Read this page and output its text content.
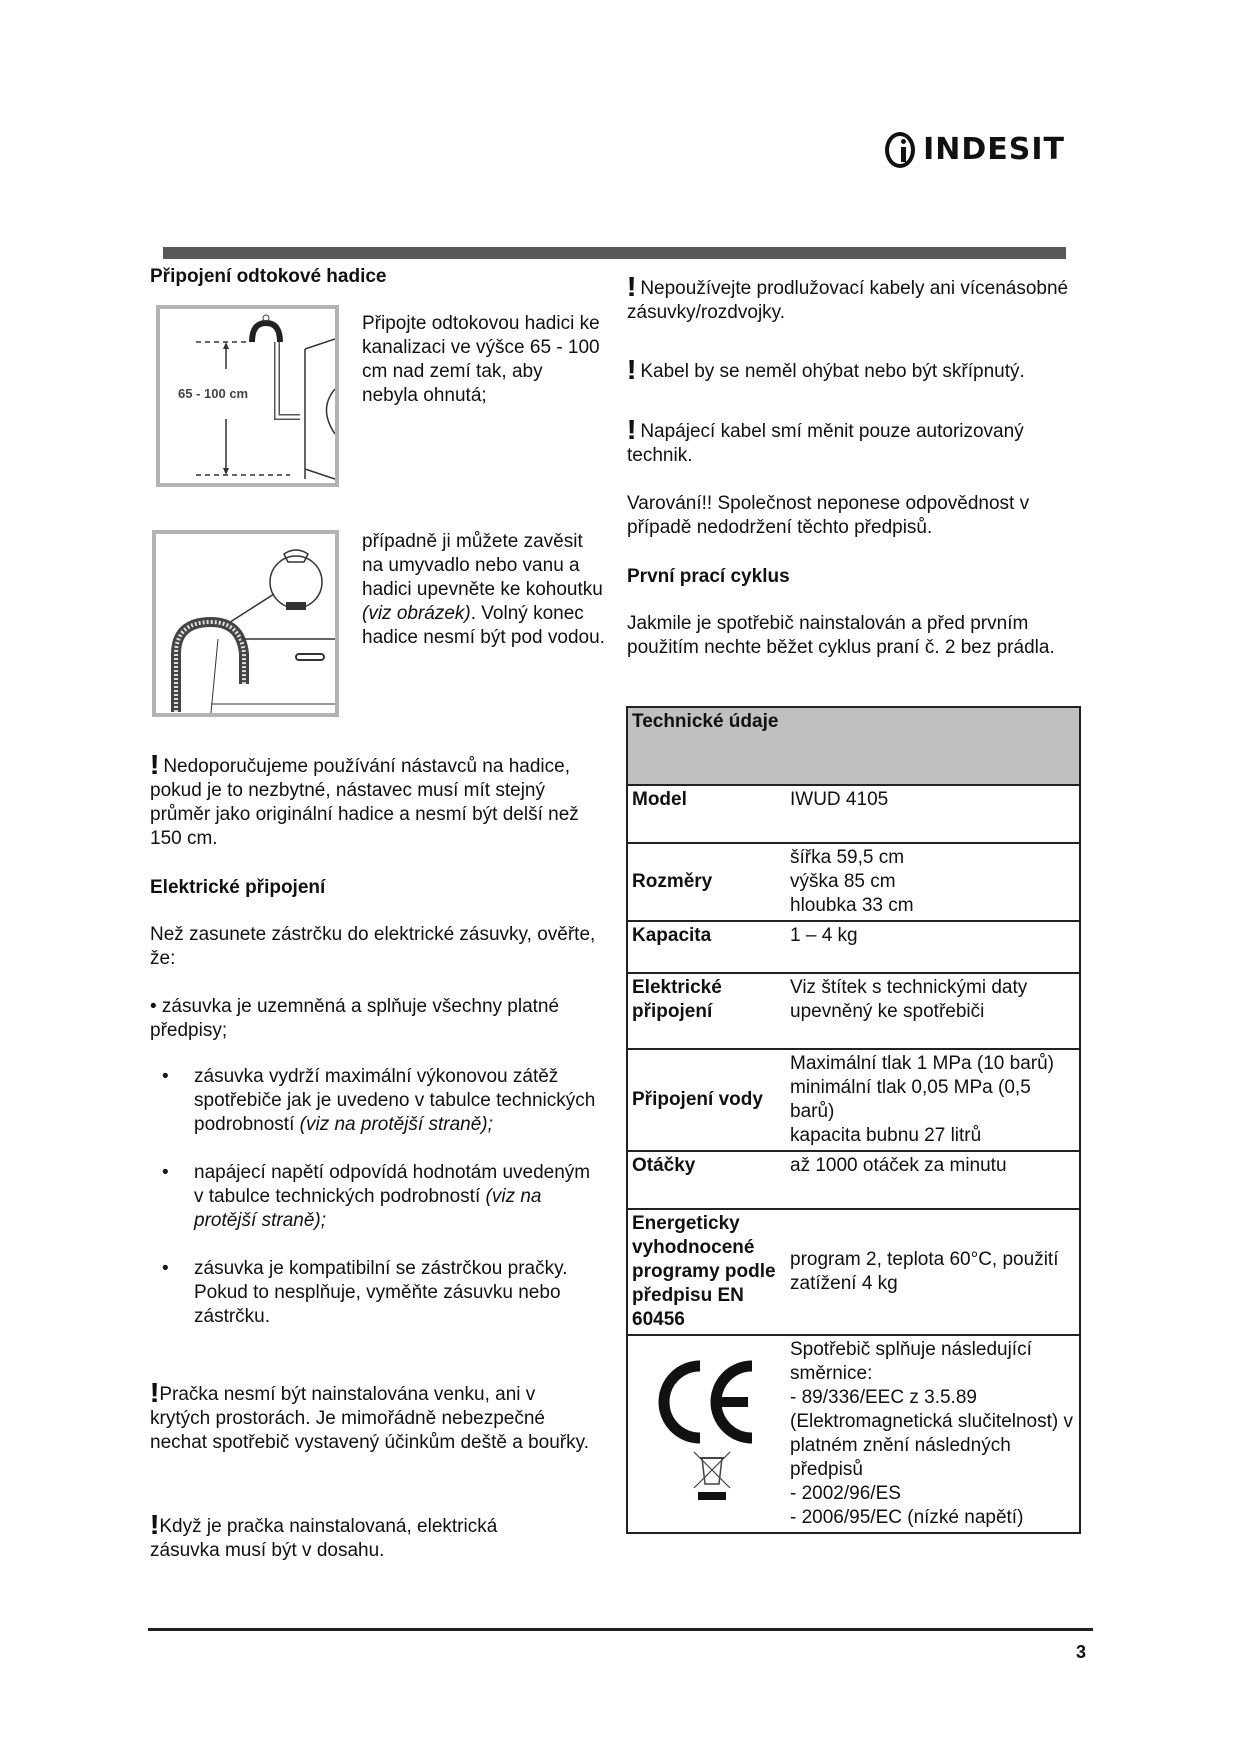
INDESIT
Připojení odtokové hadice
65 - 100 cm

Připojte odtokovou hadici ke kanalizaci ve výšce 65 - 100 cm nad zemí tak, aby nebyla ohnutá;

případně ji můžete zavěsit na umyvadlo nebo vanu a hadici upevněte ke kohoutku (viz obrázek). Volný konec hadice nesmí být pod vodou.

! Nedoporučujeme používání nástavců na hadice, pokud je to nezbytné, nástavec musí mít stejný průměr jako originální hadice a nesmí být delší než 150 cm.

Elektrické připojení

Než zasunete zástrčku do elektrické zásuvky, ověřte, že:

• zásuvka je uzemněná a splňuje všechny platné předpisy;

• zásuvka vydrží maximální výkonovou zátěž spotřebiče jak je uvedeno v tabulce technických podrobností (viz na protější straně);
• napájecí napětí odpovídá hodnotám uvedeným v tabulce technických podrobností (viz na protější straně);
• zásuvka je kompatibilní se zástrčkou pračky. Pokud to nesplňuje, vyměňte zásuvku nebo zástrčku.

!Pračka nesmí být nainstalována venku, ani v krytých prostorách. Je mimořádně nebezpečné nechat spotřebič vystavený účinkům deště a bouřky.

!Když je pračka nainstalovaná, elektrická zásuvka musí být v dosahu.

! Nepoužívejte prodlužovací kabely ani vícenásobné zásuvky/rozdvojky.

! Kabel by se neměl ohýbat nebo být skřípnutý.

! Napájecí kabel smí měnit pouze autorizovaný technik.

Varování!! Společnost neponese odpovědnost v případě nedodržení těchto předpisů.

První prací cyklus

Jakmile je spotřebič nainstalován a před prvním použitím nechte běžet cyklus praní č. 2 bez prádla.

Technické údaje	
Model	IWUD 4105
Rozměry	šířka 59,5 cm
výška 85 cm
hloubka 33 cm

Kapacita	1 – 4 kg
Elektrické připojení	Viz štítek s technickými daty upevněný ke spotřebiči
Připojení vody	Maximální tlak 1 MPa (10 barů)
minimální tlak 0,05 MPa (0,5 barů)
kapacita bubnu 27 litrů

Otáčky	až 1000 otáček za minutu
Energeticky vyhodnocené programy podle předpisu EN 60456	program 2, teplota 60°C, použití zatížení 4 kg

Spotřebič splňuje následující směrnice:
- 89/336/EEC z 3.5.89 (Elektromagnetická slučitelnost) v platném znění následných předpisů
- 2002/96/ES
- 2006/95/EC (nízké napětí)
3
